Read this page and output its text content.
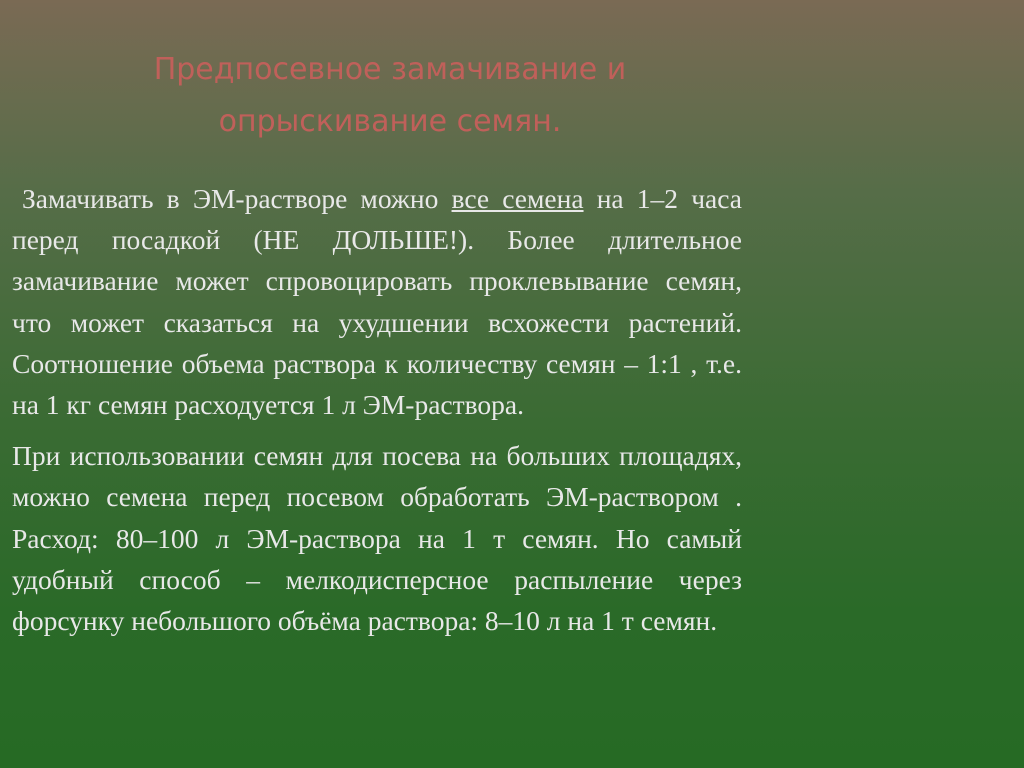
Предпосевное замачивание и
опрыскивание семян.

Замачивать в ЭМ-растворе можно все семена на 1–2 часа перед посадкой (НЕ ДОЛЬШЕ!). Более длительное замачивание может спровоцировать проклевывание семян, что может сказаться на ухудшении всхожести растений. Соотношение объема раствора к количеству семян – 1:1 , т.е. на 1 кг семян расходуется 1 л ЭМ-раствора.

При использовании семян для посева на больших площадях, можно семена перед посевом обработать ЭМ-раствором . Расход: 80–100 л ЭМ-раствора на 1 т семян. Но самый удобный способ – мелкодисперсное распыление через форсунку небольшого объёма раствора: 8–10 л на 1 т семян.
